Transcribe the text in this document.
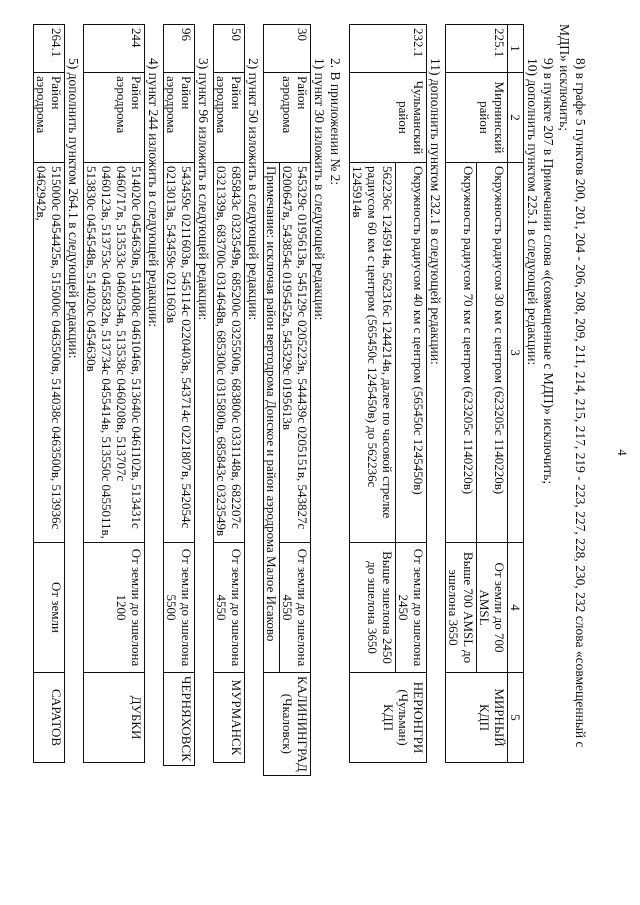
4

8) в графе 5 пунктов 200, 201, 204 - 206, 208, 209, 211, 214, 215, 217, 219 - 223, 227, 228, 230, 232 слова «совмещенный с

МДП» исключить;

9) в пункте 207 в Примечании слова «(совмещенные с МДП)» исключить;

10) дополнить пунктом 225.1 в следующей редакции:

1	2	3	4	5
225.1	Мирнинский район	Окружность радиусом 30 км с центром (623205с 1140220в)	От земли до 700 AMSL	МИРНЫЙ КДП
		Окружность радиусом 70 км с центром (623205с 1140220в)	Выше 700 AMSL до эшелона 3650	

11) дополнить пунктом 232.1 в следующей редакции:

232.1	Чульманский район	Окружность радиусом 40 км с центром (565450с 1245450в)	От земли до эшелона 2450	НЕРЮНГРИ (Чульман) КДП
		562236с 1245914в, 562316с 1244214в, далее по часовой стрелке радиусом 60 км с центром (565450с 1245450в) до 562236с 1245914в	Выше эшелона 2450 до эшелона 3650	

2. В приложении № 2:

1) пункт 30 изложить в следующей редакции:

30	Район аэродрома	545329с 0195613в, 545129с 0205223в, 544439с 0205151в, 543827с 0200647в, 543854с 0195452в, 545329с 0195613в	От земли до эшелона 4550	КАЛИНИНГРАД (Чкаловск)
Примечание: исключая район вертодрома Донское и район аэродрома Малое Исаково

2) пункт 50 изложить в следующей редакции:

50	Район аэродрома	685843с 0323549в, 685200с 0325500в, 683800с 0331148в, 682207с 0321339в, 683700с 0314648в, 685300с 0315800в, 685843с 0323549в	От земли до эшелона 4550	МУРМАНСК

3) пункт 96 изложить в следующей редакции:

96	Район аэродрома	543459с 0211603в, 545114с 0220403в, 543714с 0221807в, 542054с 0213013в, 543459с 0211603в	От земли до эшелона 5500	ЧЕРНЯХОВСК

4) пункт 244 изложить в следующей редакции:

244	Район аэродрома	514020с 0454630в, 514008с 0461046в, 513640с 0461102в, 513431с 0460717в, 513533с 0460534в, 513538с 0460208в, 513707с 0460123в, 513753с 0455832в, 513734с 0455414в, 513550с 0455011в, 513830с 0454548в, 514020с 0454630в	От земли до эшелона 1200	ДУБКИ

5) дополнить пунктом 264.1 в следующей редакции:

264.1	Район аэродрома	515000с 0454425в, 515000с 0463500в, 514038с 0463500в, 513936с 0462942в,	От земли	САРАТОВ
